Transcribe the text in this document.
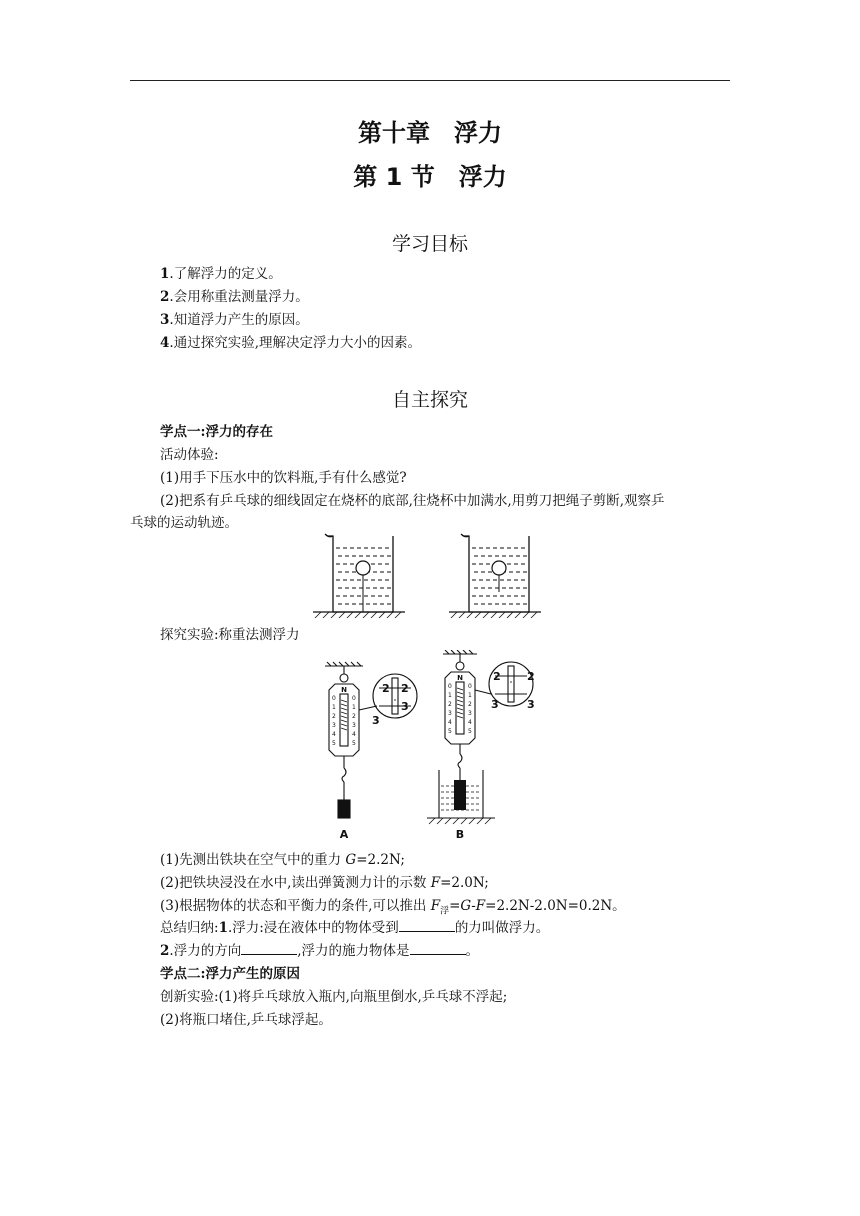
第十章　浮力
第 1 节　浮力
学习目标
1.了解浮力的定义。
2.会用称重法测量浮力。
3.知道浮力产生的原因。
4.通过探究实验,理解决定浮力大小的因素。
自主探究
学点一:浮力的存在
活动体验:
(1)用手下压水中的饮料瓶,手有什么感觉?
(2)把系有乒乓球的细线固定在烧杯的底部,往烧杯中加满水,用剪刀把绳子剪断,观察乒
乓球的运动轨迹。
探究实验:称重法测浮力
N
0	0
1	1
2	2
3	3
4	4
5	5
N
0	0
1	1
2	2
3	3
4	4
5	5
2 2
3
3
2 2
3	3
A	B
(1)先测出铁块在空气中的重力 G=2.2N;
(2)把铁块浸没在水中,读出弹簧测力计的示数 F=2.0N;
(3)根据物体的状态和平衡力的条件,可以推出 $F_浮=G-F=2.2N-2.0N=0.2N$。
总结归纳:1.浮力:浸在液体中的物体受到	的力叫做浮力。
2.浮力的方向	,浮力的施力物体是	。
学点二:浮力产生的原因
创新实验:(1)将乒乓球放入瓶内,向瓶里倒水,乒乓球不浮起;
(2)将瓶口堵住,乒乓球浮起。
